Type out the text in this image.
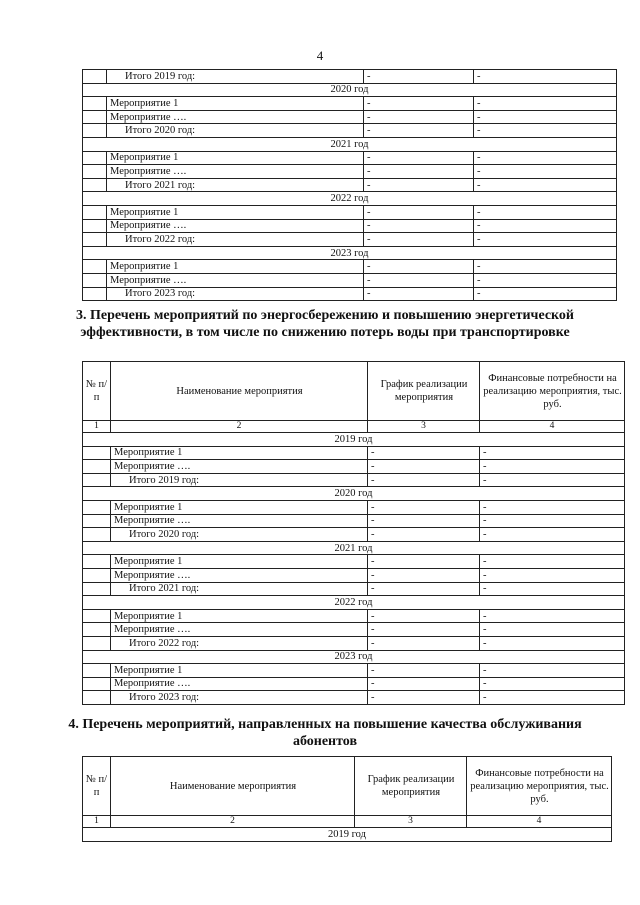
4
	Итого 2019 год:	-	-
2020 год			
	Мероприятие 1	-	-
	Мероприятие ….	-	-
	Итого 2020 год:	-	-
2021 год			
	Мероприятие 1	-	-
	Мероприятие ….	-	-
	Итого 2021 год:	-	-
2022 год			
	Мероприятие 1	-	-
	Мероприятие ….	-	-
	Итого 2022 год:	-	-
2023 год			
	Мероприятие 1	-	-
	Мероприятие ….	-	-
	Итого 2023 год:	-	-
3. Перечень мероприятий по энергосбережению и повышению энергетической эффективности, в том числе по снижению потерь воды при транспортировке
№ п/п	Наименование мероприятия	График реализации мероприятия	Финансовые потребности на реализацию мероприятия, тыс. руб.
1	2	3	4
2019 год			
	Мероприятие 1	-	-
	Мероприятие ….	-	-
	Итого 2019 год:	-	-
2020 год			
	Мероприятие 1	-	-
	Мероприятие ….	-	-
	Итого 2020 год:	-	-
2021 год			
	Мероприятие 1	-	-
	Мероприятие ….	-	-
	Итого 2021 год:	-	-
2022 год			
	Мероприятие 1	-	-
	Мероприятие ….	-	-
	Итого 2022 год:	-	-
2023 год			
	Мероприятие 1	-	-
	Мероприятие ….	-	-
	Итого 2023 год:	-	-
4. Перечень мероприятий, направленных на повышение качества обслуживания абонентов
№ п/п	Наименование мероприятия	График реализации мероприятия	Финансовые потребности на реализацию мероприятия, тыс. руб.
1	2	3	4
2019 год			
